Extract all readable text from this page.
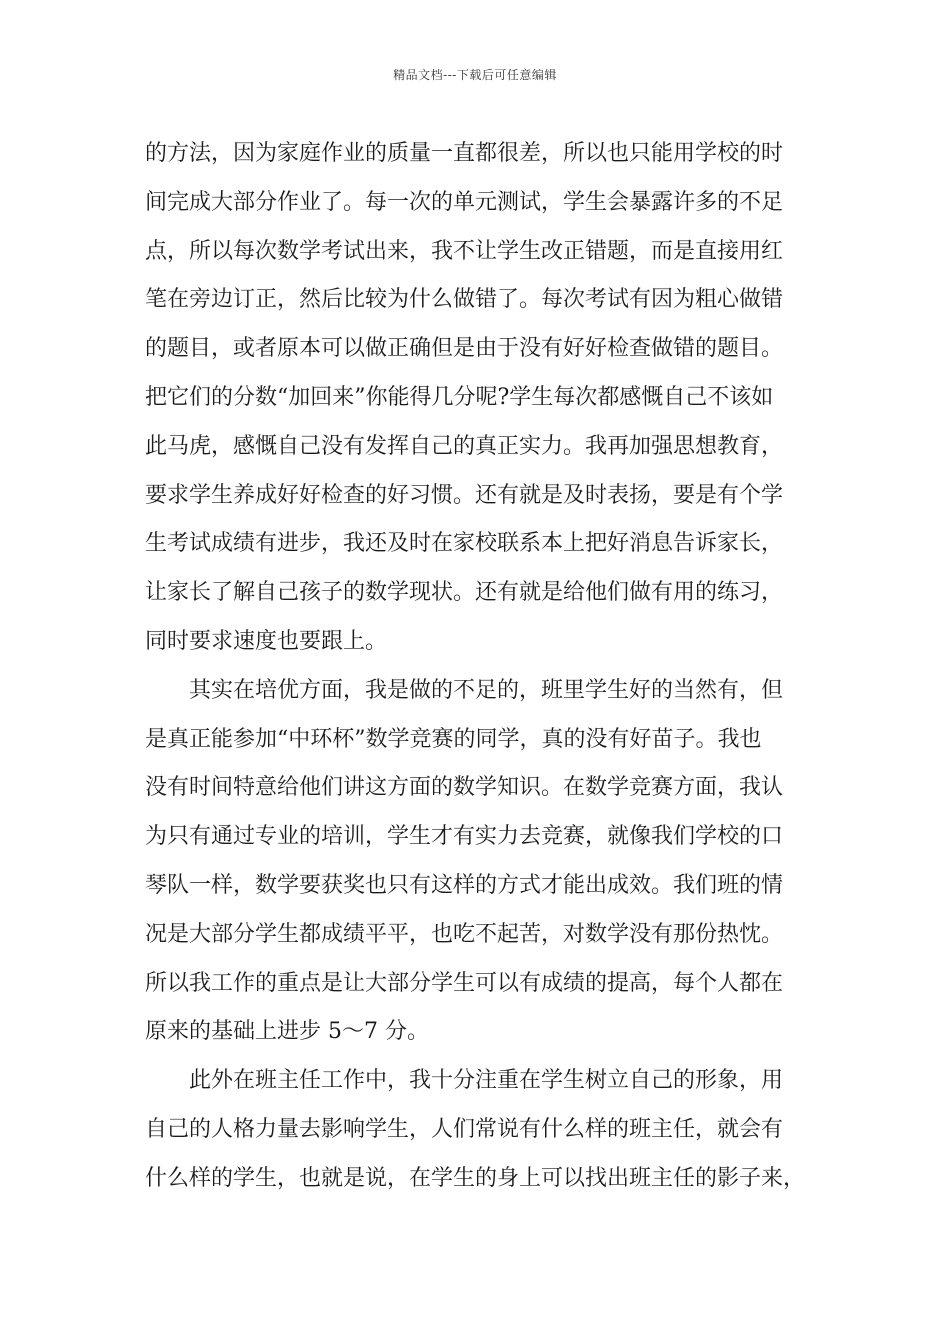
精品文档---下载后可任意编辑
的方法，因为家庭作业的质量一直都很差，所以也只能用学校的时
间完成大部分作业了。每一次的单元测试，学生会暴露许多的不足
点，所以每次数学考试出来，我不让学生改正错题，而是直接用红
笔在旁边订正，然后比较为什么做错了。每次考试有因为粗心做错
的题目，或者原本可以做正确但是由于没有好好检查做错的题目。
把它们的分数“加回来”你能得几分呢?学生每次都感慨自己不该如
此马虎，感慨自己没有发挥自己的真正实力。我再加强思想教育，
要求学生养成好好检查的好习惯。还有就是及时表扬，要是有个学
生考试成绩有进步，我还及时在家校联系本上把好消息告诉家长，
让家长了解自己孩子的数学现状。还有就是给他们做有用的练习，
同时要求速度也要跟上。
其实在培优方面，我是做的不足的，班里学生好的当然有，但
是真正能参加“中环杯”数学竞赛的同学，真的没有好苗子。我也
没有时间特意给他们讲这方面的数学知识。在数学竞赛方面，我认
为只有通过专业的培训，学生才有实力去竞赛，就像我们学校的口
琴队一样，数学要获奖也只有这样的方式才能出成效。我们班的情
况是大部分学生都成绩平平，也吃不起苦，对数学没有那份热忱。
所以我工作的重点是让大部分学生可以有成绩的提高，每个人都在
原来的基础上进步 5～7 分。
此外在班主任工作中，我十分注重在学生树立自己的形象，用
自己的人格力量去影响学生，人们常说有什么样的班主任，就会有
什么样的学生，也就是说，在学生的身上可以找出班主任的影子来，
